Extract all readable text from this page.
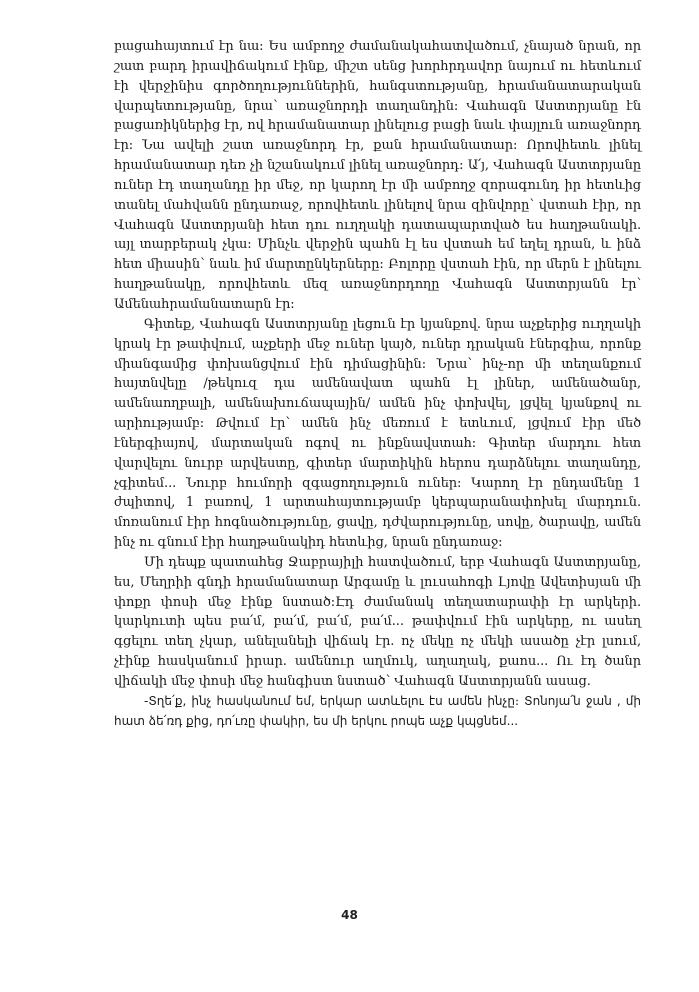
բացահայտում էր նա։ Ես ամբողջ ժամանակահատվածում, չնայած նրան, որ շատ բարդ իրավիճակում էինք, միշտ սենց խորհրդավոր նայում ու հետևում էի վերջինիս գործողություններին, հանգստությանը, հրամանատարական վարպետությանը, նրա՝ առաջնորդի տաղանդին։ Վահագն Աստտրյանը էն բացառիկներից էր, ով հրամանատար լինելուց բացի նաև փայլուն առաջնորդ էր։ Նա ավելի շատ առաջնորդ էր, քան հրամանատար։ Որովհետև լինել հրամանատար դեռ չի նշանակում լինել առաջնորդ։ Ա՛յ, Վահագն Աստտրյանը ուներ էդ տաղանդը իր մեջ, որ կարող էր մի ամբողջ զորագունդ իր հետևից տանել մահվանն ընդառաջ, որովհետև լինելով նրա զինվորը՝ վստահ էիր, որ Վահագն Աստտրյանի հետ դու ուղղակի դատապարտված ես հաղթանակի. այլ տարբերակ չկա։ Մինչև վերջին պահն էլ ես վստահ եմ եղել դրան, և ինձ հետ միասին՝ նաև իմ մարտընկերները։ Բոլորը վստահ էին, որ մերն է լինելու հաղթանակը, որովհետև մեզ առաջնորդողը Վահագն Աստտրյանն էր՝ Ամենահրամանատարն էր։

Գիտեք, Վահագն Աստտրյանը լեցուն էր կյանքով. նրա աչքերից ուղղակի կրակ էր թափվում, աչքերի մեջ ուներ կայծ, ուներ դրական էներգիա, որոնք միանգամից փոխանցվում էին դիմացինին։ Նրա՝ ինչ-որ մի տեղանքում հայտնվելը /թեկուզ դա ամենավատ պահն էլ լիներ, ամենածանր, ամենաողբալի, ամենախուճապային/ ամեն ինչ փոխվել, լցվել կյանքով ու արիությամբ։ Թվում էր՝ ամեն ինչ մեռում է ետևում, լցվում էիր մեծ էներգիայով, մարտական ոգով ու ինքնավստահ։ Գիտեր մարդու հետ վարվելու նուրբ արվեստը, գիտեր մարտիկին հերոս դարձնելու տաղանդը, չգիտեմ... Նուրբ հումորի զգացողություն ուներ։ Կարող էր ընդամենը 1 ժպիտով, 1 բառով, 1 արտահայտությամբ կերպարանափոխել մարդուն. մոռանում էիր հոգնածությունը, ցավը, դժվարությունը, սովը, ծարավը, ամեն ինչ ու գնում էիր հաղթանակիդ հետևից, նրան ընդառաջ։

Մի դեպք պատահեց Ջաբրայիլի հատվածում, երբ Վահագն Աստտրյանը, ես, Մեղրիի գնդի հրամանատար Արգամը և լուսահոգի Լյովը Ավետիսյան մի փոքր փոսի մեջ էինք նստած։Էդ ժամանակ տեղատարափի էր արկերի. կարկուտի պես բա՛մ, բա՛մ, բա՛մ, բա՛մ... թափվում էին արկերը, ու ասեղ գցելու տեղ չկար, անելանելի վիճակ էր. ոչ մեկը ոչ մեկի ասածը չէր լսում, չէինք հասկանում իրար. ամենուր աղմուկ, աղաղակ, քաոս... Ու էդ ծանր վիճակի մեջ փոսի մեջ հանգիստ նստած՝ Վահագն Աստտրյանն ասաց.

-Տղե՛ք, ինչ հասկանում եմ, երկար ատևելու էս ամեն ինչը։ Տոնոյա՛ն ջան , մի հատ ձե՛ռդ քից, դո՛ւռը փակիր, ես մի երկու րոպե աչք կպցնեմ...

48
